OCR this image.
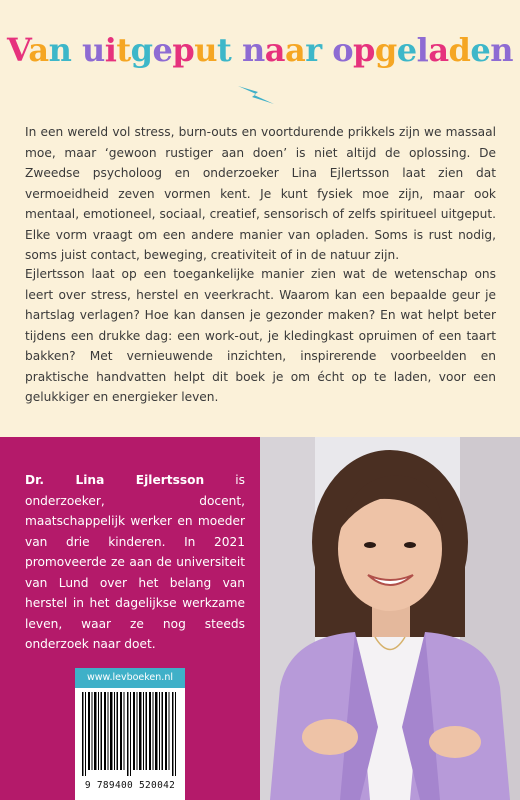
Van uitgeput naar opgeladen

In een wereld vol stress, burn-outs en voortdurende prikkels zijn we massaal moe, maar ‘gewoon rustiger aan doen’ is niet altijd de oplossing. De Zweedse psycholoog en onderzoeker Lina Ejlertsson laat zien dat vermoeidheid zeven vormen kent. Je kunt fysiek moe zijn, maar ook mentaal, emotioneel, sociaal, creatief, sensorisch of zelfs spiritueel uitgeput. Elke vorm vraagt om een andere manier van opladen. Soms is rust nodig, soms juist contact, beweging, creativiteit of in de natuur zijn.

Ejlertsson laat op een toegankelijke manier zien wat de wetenschap ons leert over stress, herstel en veerkracht. Waarom kan een bepaalde geur je hartslag verlagen? Hoe kan dansen je gezonder maken? En wat helpt beter tijdens een drukke dag: een work-out, je kledingkast opruimen of een taart bakken? Met vernieuwende inzichten, inspirerende voorbeelden en praktische handvatten helpt dit boek je om écht op te laden, voor een gelukkiger en energieker leven.

Dr. Lina Ejlertsson is onderzoeker, docent, maatschappelijk werker en moeder van drie kinderen. In 2021 promoveerde ze aan de universiteit van Lund over het belang van herstel in het dagelijkse werkzame leven, waar ze nog steeds onderzoek naar doet.

www.levboeken.nl
9 789400 520042
